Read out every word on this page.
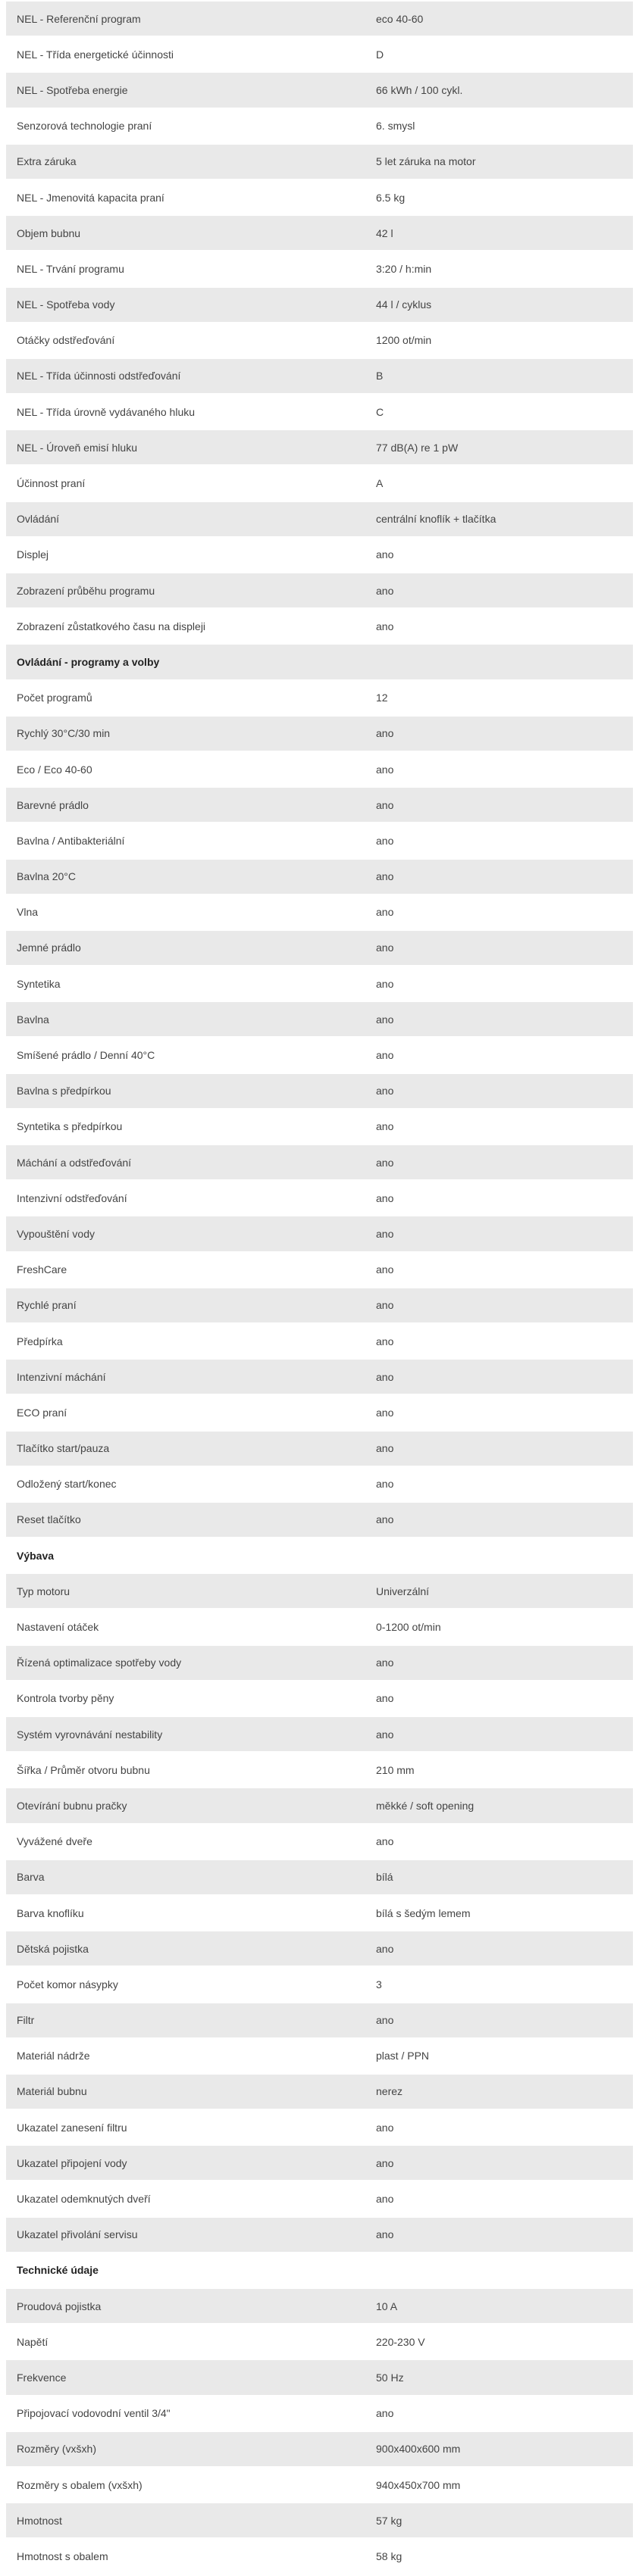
NEL - Referenční program	eco 40-60
NEL - Třída energetické účinnosti	D
NEL - Spotřeba energie	66 kWh / 100 cykl.
Senzorová technologie praní	6. smysl
Extra záruka	5 let záruka na motor
NEL - Jmenovitá kapacita praní	6.5 kg
Objem bubnu	42 l
NEL - Trvání programu	3:20 / h:min
NEL - Spotřeba vody	44 l / cyklus
Otáčky odstřeďování	1200 ot/min
NEL - Třída účinnosti odstřeďování	B
NEL - Třída úrovně vydávaného hluku	C
NEL - Úroveň emisí hluku	77 dB(A) re 1 pW
Účinnost praní	A
Ovládání	centrální knoflík + tlačítka
Displej	ano
Zobrazení průběhu programu	ano
Zobrazení zůstatkového času na displeji	ano
Ovládání - programy a volby
Počet programů	12
Rychlý 30°C/30 min	ano
Eco / Eco 40-60	ano
Barevné prádlo	ano
Bavlna / Antibakteriální	ano
Bavlna 20°C	ano
Vlna	ano
Jemné prádlo	ano
Syntetika	ano
Bavlna	ano
Smíšené prádlo / Denní 40°C	ano
Bavlna s předpírkou	ano
Syntetika s předpírkou	ano
Máchání a odstřeďování	ano
Intenzivní odstřeďování	ano
Vypouštění vody	ano
FreshCare	ano
Rychlé praní	ano
Předpírka	ano
Intenzivní máchání	ano
ECO praní	ano
Tlačítko start/pauza	ano
Odložený start/konec	ano
Reset tlačítko	ano
Výbava
Typ motoru	Univerzální
Nastavení otáček	0-1200 ot/min
Řízená optimalizace spotřeby vody	ano
Kontrola tvorby pěny	ano
Systém vyrovnávání nestability	ano
Šířka / Průměr otvoru bubnu	210 mm
Otevírání bubnu pračky	měkké / soft opening
Vyvážené dveře	ano
Barva	bílá
Barva knoflíku	bílá s šedým lemem
Dětská pojistka	ano
Počet komor násypky	3
Filtr	ano
Materiál nádrže	plast / PPN
Materiál bubnu	nerez
Ukazatel zanesení filtru	ano
Ukazatel připojení vody	ano
Ukazatel odemknutých dveří	ano
Ukazatel přivolání servisu	ano
Technické údaje
Proudová pojistka	10 A
Napětí	220-230 V
Frekvence	50 Hz
Připojovací vodovodní ventil 3/4"	ano
Rozměry (vxšxh)	900x400x600 mm
Rozměry s obalem (vxšxh)	940x450x700 mm
Hmotnost	57 kg
Hmotnost s obalem	58 kg
